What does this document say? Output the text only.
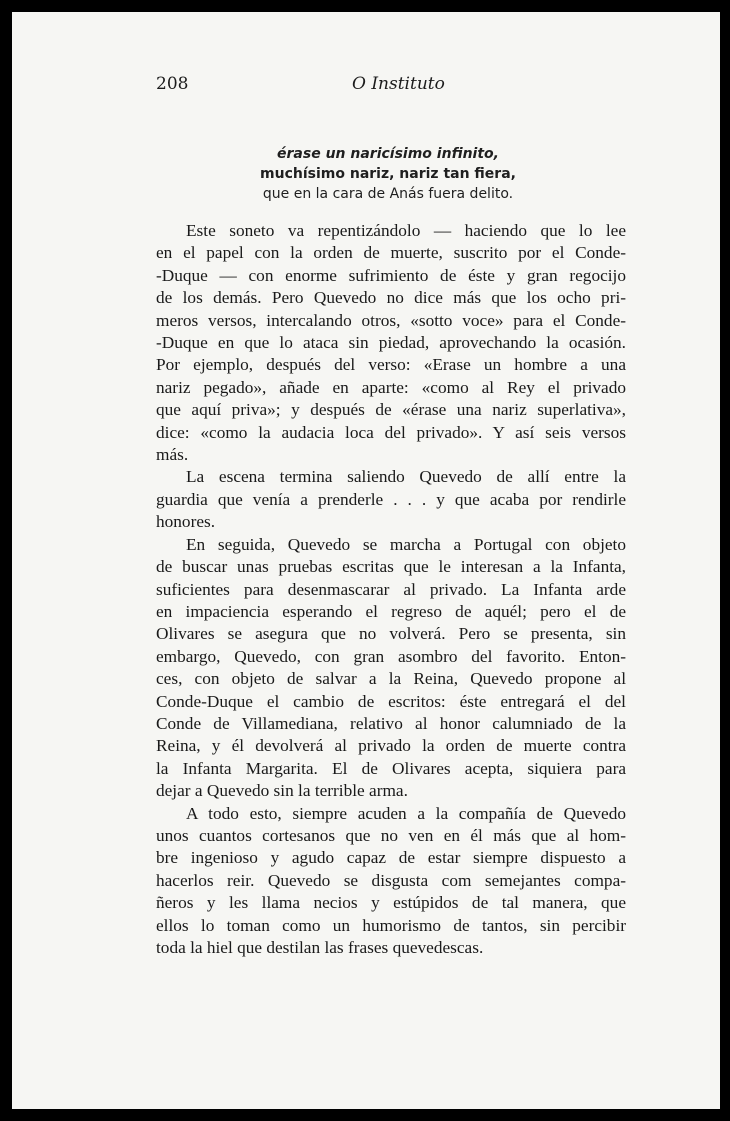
208	O Instituto
érase un naricísimo infinito,
muchísimo nariz, nariz tan fiera,
que en la cara de Anás fuera delito.

Este soneto va repentizándolo — haciendo que lo lee
en el papel con la orden de muerte, suscrito por el Conde-
-Duque — con enorme sufrimiento de éste y gran regocijo
de los demás. Pero Quevedo no dice más que los ocho pri-
meros versos, intercalando otros, «sotto voce» para el Conde-
-Duque en que lo ataca sin piedad, aprovechando la ocasión.
Por ejemplo, después del verso: «Erase un hombre a una
nariz pegado», añade en aparte: «como al Rey el privado
que aquí priva»; y después de «érase una nariz superlativa»,
dice: «como la audacia loca del privado». Y así seis versos
más.

La escena termina saliendo Quevedo de allí entre la
guardia que venía a prenderle . . . y que acaba por rendirle
honores.

En seguida, Quevedo se marcha a Portugal con objeto
de buscar unas pruebas escritas que le interesan a la Infanta,
suficientes para desenmascarar al privado. La Infanta arde
en impaciencia esperando el regreso de aquél; pero el de
Olivares se asegura que no volverá. Pero se presenta, sin
embargo, Quevedo, con gran asombro del favorito. Enton-
ces, con objeto de salvar a la Reina, Quevedo propone al
Conde-Duque el cambio de escritos: éste entregará el del
Conde de Villamediana, relativo al honor calumniado de la
Reina, y él devolverá al privado la orden de muerte contra
la Infanta Margarita. El de Olivares acepta, siquiera para
dejar a Quevedo sin la terrible arma.

A todo esto, siempre acuden a la compañía de Quevedo
unos cuantos cortesanos que no ven en él más que al hom-
bre ingenioso y agudo capaz de estar siempre dispuesto a
hacerlos reir. Quevedo se disgusta com semejantes compa-
ñeros y les llama necios y estúpidos de tal manera, que
ellos lo toman como un humorismo de tantos, sin percibir
toda la hiel que destilan las frases quevedescas.
